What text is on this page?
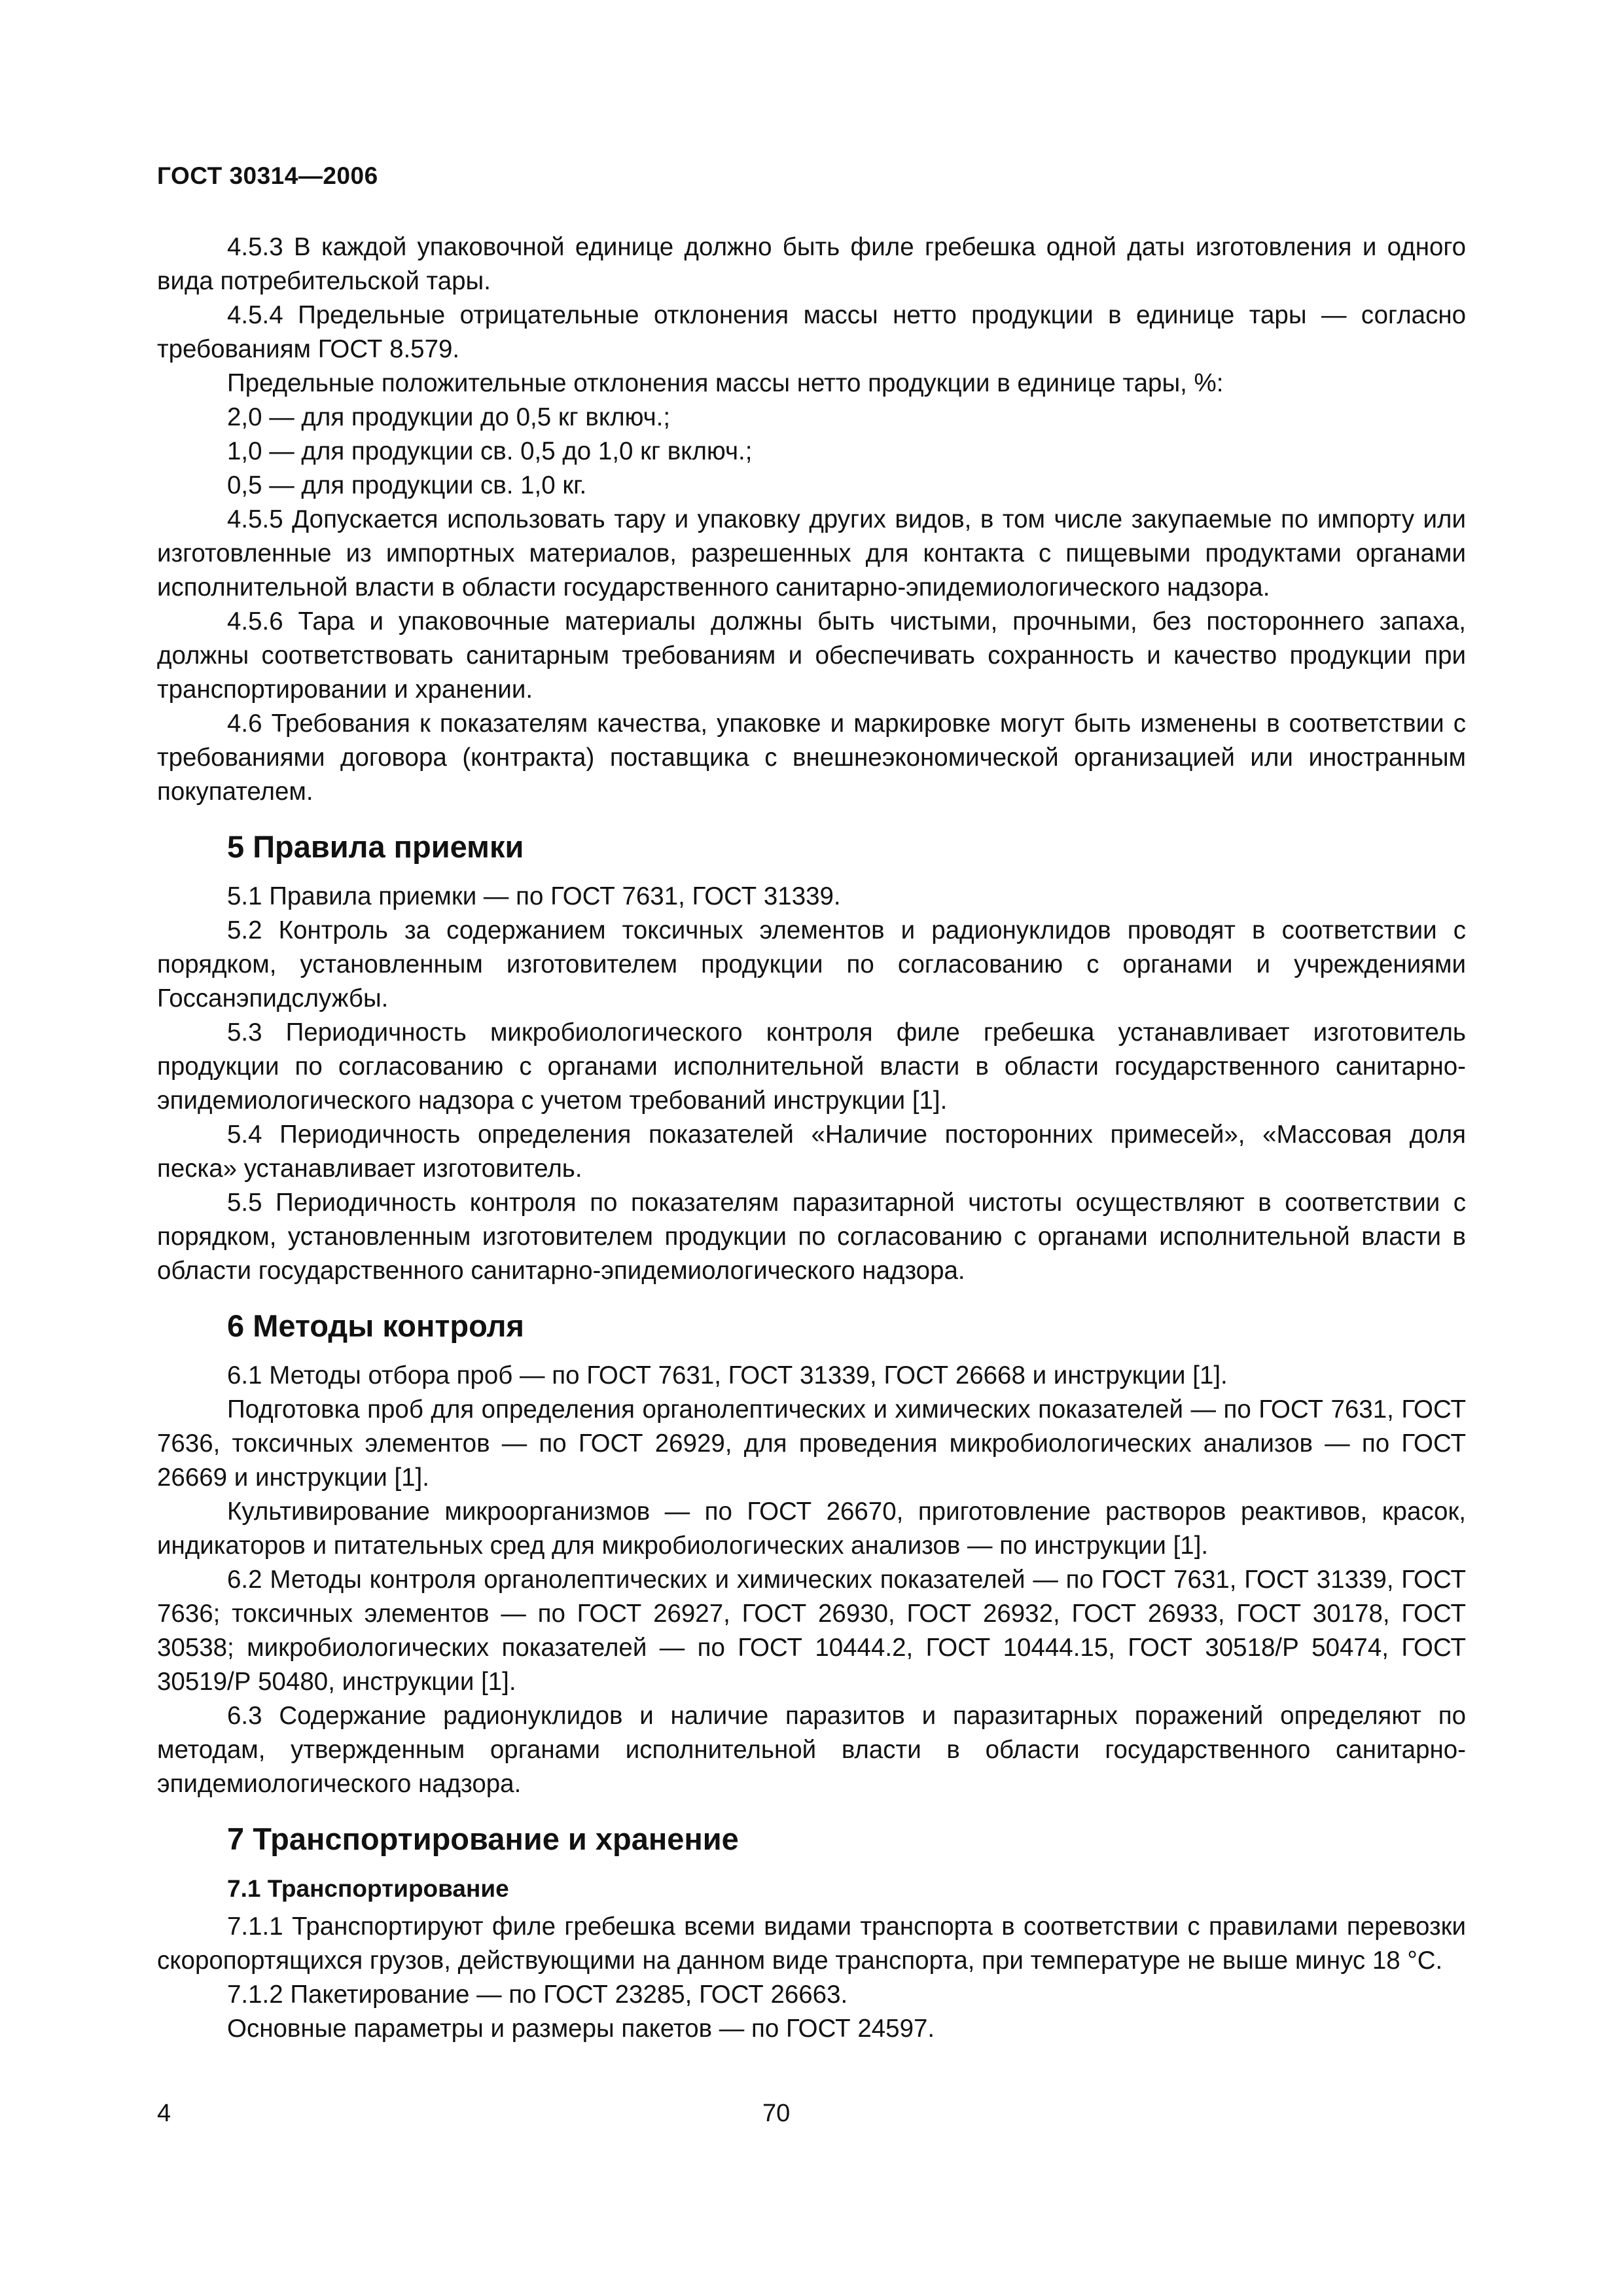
ГОСТ 30314—2006

4.5.3 В каждой упаковочной единице должно быть филе гребешка одной даты изготовления и одного вида потребительской тары.

4.5.4 Предельные отрицательные отклонения массы нетто продукции в единице тары — согласно требованиям ГОСТ 8.579.

Предельные положительные отклонения массы нетто продукции в единице тары, %:

2,0 — для продукции до 0,5 кг включ.;

1,0 — для продукции св. 0,5 до 1,0 кг включ.;

0,5 — для продукции св. 1,0 кг.

4.5.5 Допускается использовать тару и упаковку других видов, в том числе закупаемые по импорту или изготовленные из импортных материалов, разрешенных для контакта с пищевыми продуктами органами исполнительной власти в области государственного санитарно-эпидемиологического надзора.

4.5.6 Тара и упаковочные материалы должны быть чистыми, прочными, без постороннего запаха, должны соответствовать санитарным требованиям и обеспечивать сохранность и качество продукции при транспортировании и хранении.

4.6 Требования к показателям качества, упаковке и маркировке могут быть изменены в соответствии с требованиями договора (контракта) поставщика с внешнеэкономической организацией или иностранным покупателем.

5 Правила приемки

5.1 Правила приемки — по ГОСТ 7631, ГОСТ 31339.

5.2 Контроль за содержанием токсичных элементов и радионуклидов проводят в соответствии с порядком, установленным изготовителем продукции по согласованию с органами и учреждениями Госсанэпидслужбы.

5.3 Периодичность микробиологического контроля филе гребешка устанавливает изготовитель продукции по согласованию с органами исполнительной власти в области государственного санитарно-эпидемиологического надзора с учетом требований инструкции [1].

5.4 Периодичность определения показателей «Наличие посторонних примесей», «Массовая доля песка» устанавливает изготовитель.

5.5 Периодичность контроля по показателям паразитарной чистоты осуществляют в соответствии с порядком, установленным изготовителем продукции по согласованию с органами исполнительной власти в области государственного санитарно-эпидемиологического надзора.

6 Методы контроля

6.1 Методы отбора проб — по ГОСТ 7631, ГОСТ 31339, ГОСТ 26668 и инструкции [1].

Подготовка проб для определения органолептических и химических показателей — по ГОСТ 7631, ГОСТ 7636, токсичных элементов — по ГОСТ 26929, для проведения микробиологических анализов — по ГОСТ 26669 и инструкции [1].

Культивирование микроорганизмов — по ГОСТ 26670, приготовление растворов реактивов, красок, индикаторов и питательных сред для микробиологических анализов — по инструкции [1].

6.2 Методы контроля органолептических и химических показателей — по ГОСТ 7631, ГОСТ 31339, ГОСТ 7636; токсичных элементов — по ГОСТ 26927, ГОСТ 26930, ГОСТ 26932, ГОСТ 26933, ГОСТ 30178, ГОСТ 30538; микробиологических показателей — по ГОСТ 10444.2, ГОСТ 10444.15, ГОСТ 30518/Р 50474, ГОСТ 30519/Р 50480, инструкции [1].

6.3 Содержание радионуклидов и наличие паразитов и паразитарных поражений определяют по методам, утвержденным органами исполнительной власти в области государственного санитарно-эпидемиологического надзора.

7 Транспортирование и хранение
7.1 Транспортирование

7.1.1 Транспортируют филе гребешка всеми видами транспорта в соответствии с правилами перевозки скоропортящихся грузов, действующими на данном виде транспорта, при температуре не выше минус 18 °С.

7.1.2 Пакетирование — по ГОСТ 23285, ГОСТ 26663.

Основные параметры и размеры пакетов — по ГОСТ 24597.

4	70
